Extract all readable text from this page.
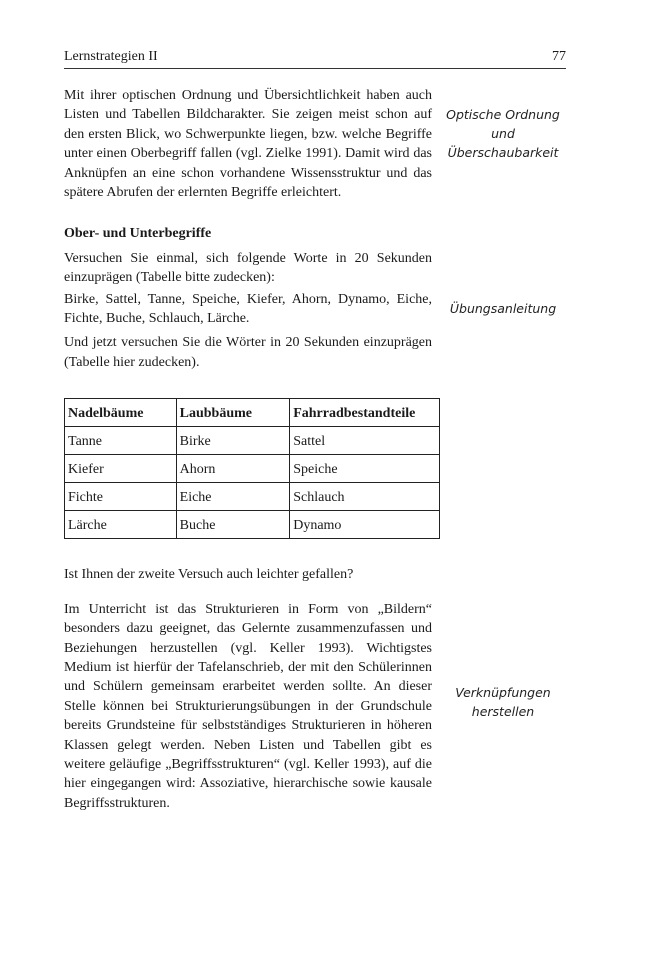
Lernstrategien II	77

Mit ihrer optischen Ordnung und Übersichtlichkeit haben auch Listen und Tabellen Bildcharakter. Sie zeigen meist schon auf den ersten Blick, wo Schwerpunkte liegen, bzw. welche Begriffe unter einen Oberbegriff fallen (vgl. Zielke 1991). Damit wird das Anknüpfen an eine schon vorhandene Wissensstruktur und das spätere Abrufen der erlernten Begriffe erleichtert.

Ober- und Unterbegriffe

Versuchen Sie einmal, sich folgende Worte in 20 Sekunden einzuprägen (Tabelle bitte zudecken):

Birke, Sattel, Tanne, Speiche, Kiefer, Ahorn, Dynamo, Eiche, Fichte, Buche, Schlauch, Lärche.

Und jetzt versuchen Sie die Wörter in 20 Sekunden einzuprägen (Tabelle hier zudecken).

Nadelbäume	Laubbäume	Fahrradbestandteile
Tanne	Birke	Sattel
Kiefer	Ahorn	Speiche
Fichte	Eiche	Schlauch
Lärche	Buche	Dynamo

Ist Ihnen der zweite Versuch auch leichter gefallen?

Im Unterricht ist das Strukturieren in Form von „Bildern“ besonders dazu geeignet, das Gelernte zusammenzufassen und Beziehungen herzustellen (vgl. Keller 1993). Wichtigstes Medium ist hierfür der Tafelanschrieb, der mit den Schülerinnen und Schülern gemeinsam erarbeitet werden sollte. An dieser Stelle können bei Strukturierungsübungen in der Grundschule bereits Grundsteine für selbstständiges Strukturieren in höheren Klassen gelegt werden. Neben Listen und Tabellen gibt es weitere geläufige „Begriffsstrukturen“ (vgl. Keller 1993), auf die hier eingegangen wird: Assoziative, hierarchische sowie kausale Begriffsstrukturen.

Optische Ordnung
und
Überschaubarkeit
Übungsanleitung
Verknüpfungen
herstellen
